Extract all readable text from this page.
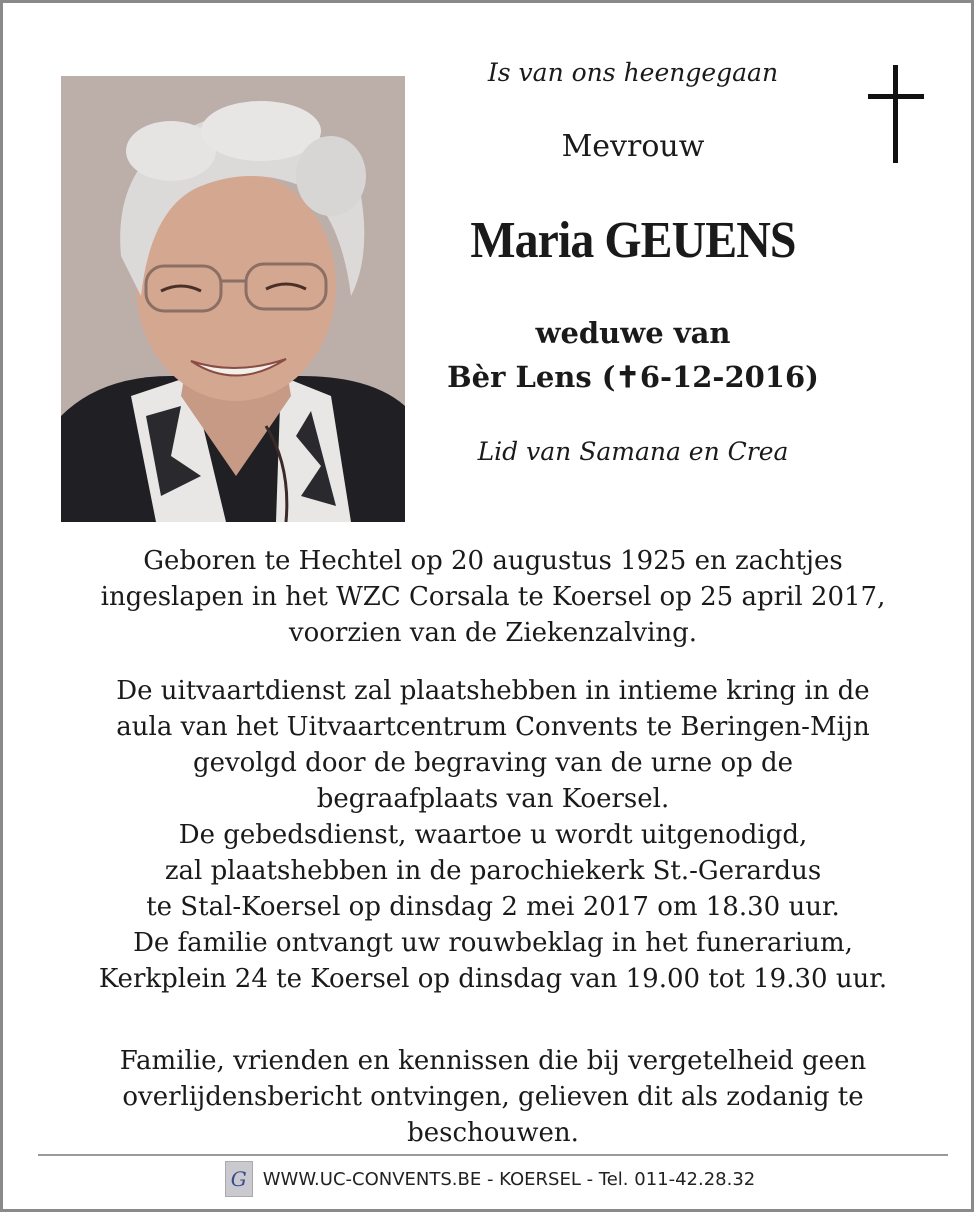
Is van ons heengegaan
Mevrouw
Maria GEUENS
weduwe van
Bèr Lens (✝6-12-2016)
Lid van Samana en Crea

Geboren te Hechtel op 20 augustus 1925 en zachtjes

ingeslapen in het WZC Corsala te Koersel op 25 april 2017,

voorzien van de Ziekenzalving.

De uitvaartdienst zal plaatshebben in intieme kring in de

aula van het Uitvaartcentrum Convents te Beringen-Mijn

gevolgd door de begraving van de urne op de

begraafplaats van Koersel.

De gebedsdienst, waartoe u wordt uitgenodigd,

zal plaatshebben in de parochiekerk St.-Gerardus

te Stal-Koersel op dinsdag 2 mei 2017 om 18.30 uur.

De familie ontvangt uw rouwbeklag in het funerarium,

Kerkplein 24 te Koersel op dinsdag van 19.00 tot 19.30 uur.

Familie, vrienden en kennissen die bij vergetelheid geen

overlijdensbericht ontvingen, gelieven dit als zodanig te

beschouwen.

G WWW.UC-CONVENTS.BE - KOERSEL - Tel. 011-42.28.32
